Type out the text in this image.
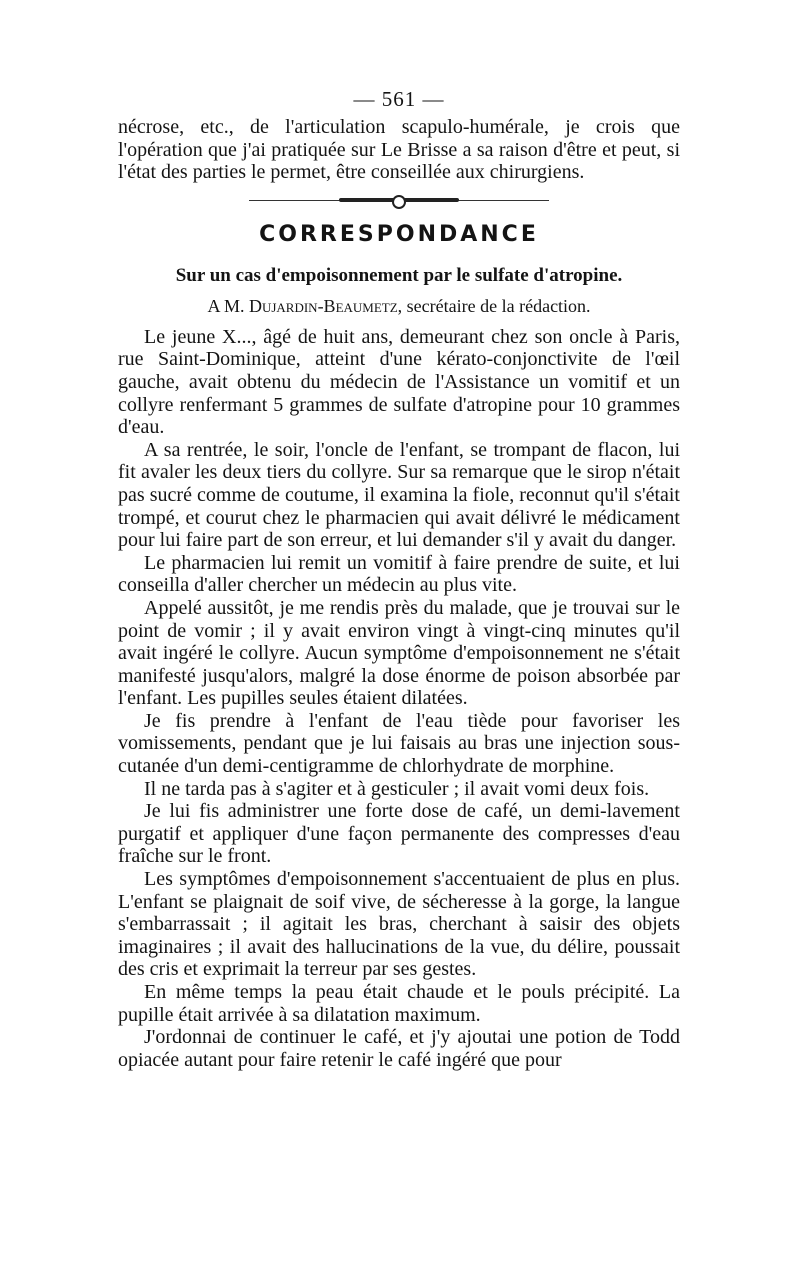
— 561 —

nécrose, etc., de l'articulation scapulo-humérale, je crois que l'opération que j'ai pratiquée sur Le Brisse a sa raison d'être et peut, si l'état des parties le permet, être conseillée aux chirurgiens.

CORRESPONDANCE
Sur un cas d'empoisonnement par le sulfate d'atropine.
A M. Dujardin-Beaumetz, secrétaire de la rédaction.

Le jeune X..., âgé de huit ans, demeurant chez son oncle à Paris, rue Saint-Dominique, atteint d'une kérato-conjonctivite de l'œil gauche, avait obtenu du médecin de l'Assistance un vomitif et un collyre renfermant 5 grammes de sulfate d'atropine pour 10 grammes d'eau.

A sa rentrée, le soir, l'oncle de l'enfant, se trompant de flacon, lui fit avaler les deux tiers du collyre. Sur sa remarque que le sirop n'était pas sucré comme de coutume, il examina la fiole, reconnut qu'il s'était trompé, et courut chez le pharmacien qui avait délivré le médicament pour lui faire part de son erreur, et lui demander s'il y avait du danger.

Le pharmacien lui remit un vomitif à faire prendre de suite, et lui conseilla d'aller chercher un médecin au plus vite.

Appelé aussitôt, je me rendis près du malade, que je trouvai sur le point de vomir ; il y avait environ vingt à vingt-cinq minutes qu'il avait ingéré le collyre. Aucun symptôme d'empoisonnement ne s'était manifesté jusqu'alors, malgré la dose énorme de poison absorbée par l'enfant. Les pupilles seules étaient dilatées.

Je fis prendre à l'enfant de l'eau tiède pour favoriser les vomissements, pendant que je lui faisais au bras une injection sous-cutanée d'un demi-centigramme de chlorhydrate de morphine.

Il ne tarda pas à s'agiter et à gesticuler ; il avait vomi deux fois.

Je lui fis administrer une forte dose de café, un demi-lavement purgatif et appliquer d'une façon permanente des compresses d'eau fraîche sur le front.

Les symptômes d'empoisonnement s'accentuaient de plus en plus. L'enfant se plaignait de soif vive, de sécheresse à la gorge, la langue s'embarrassait ; il agitait les bras, cherchant à saisir des objets imaginaires ; il avait des hallucinations de la vue, du délire, poussait des cris et exprimait la terreur par ses gestes.

En même temps la peau était chaude et le pouls précipité. La pupille était arrivée à sa dilatation maximum.

J'ordonnai de continuer le café, et j'y ajoutai une potion de Todd opiacée autant pour faire retenir le café ingéré que pour
